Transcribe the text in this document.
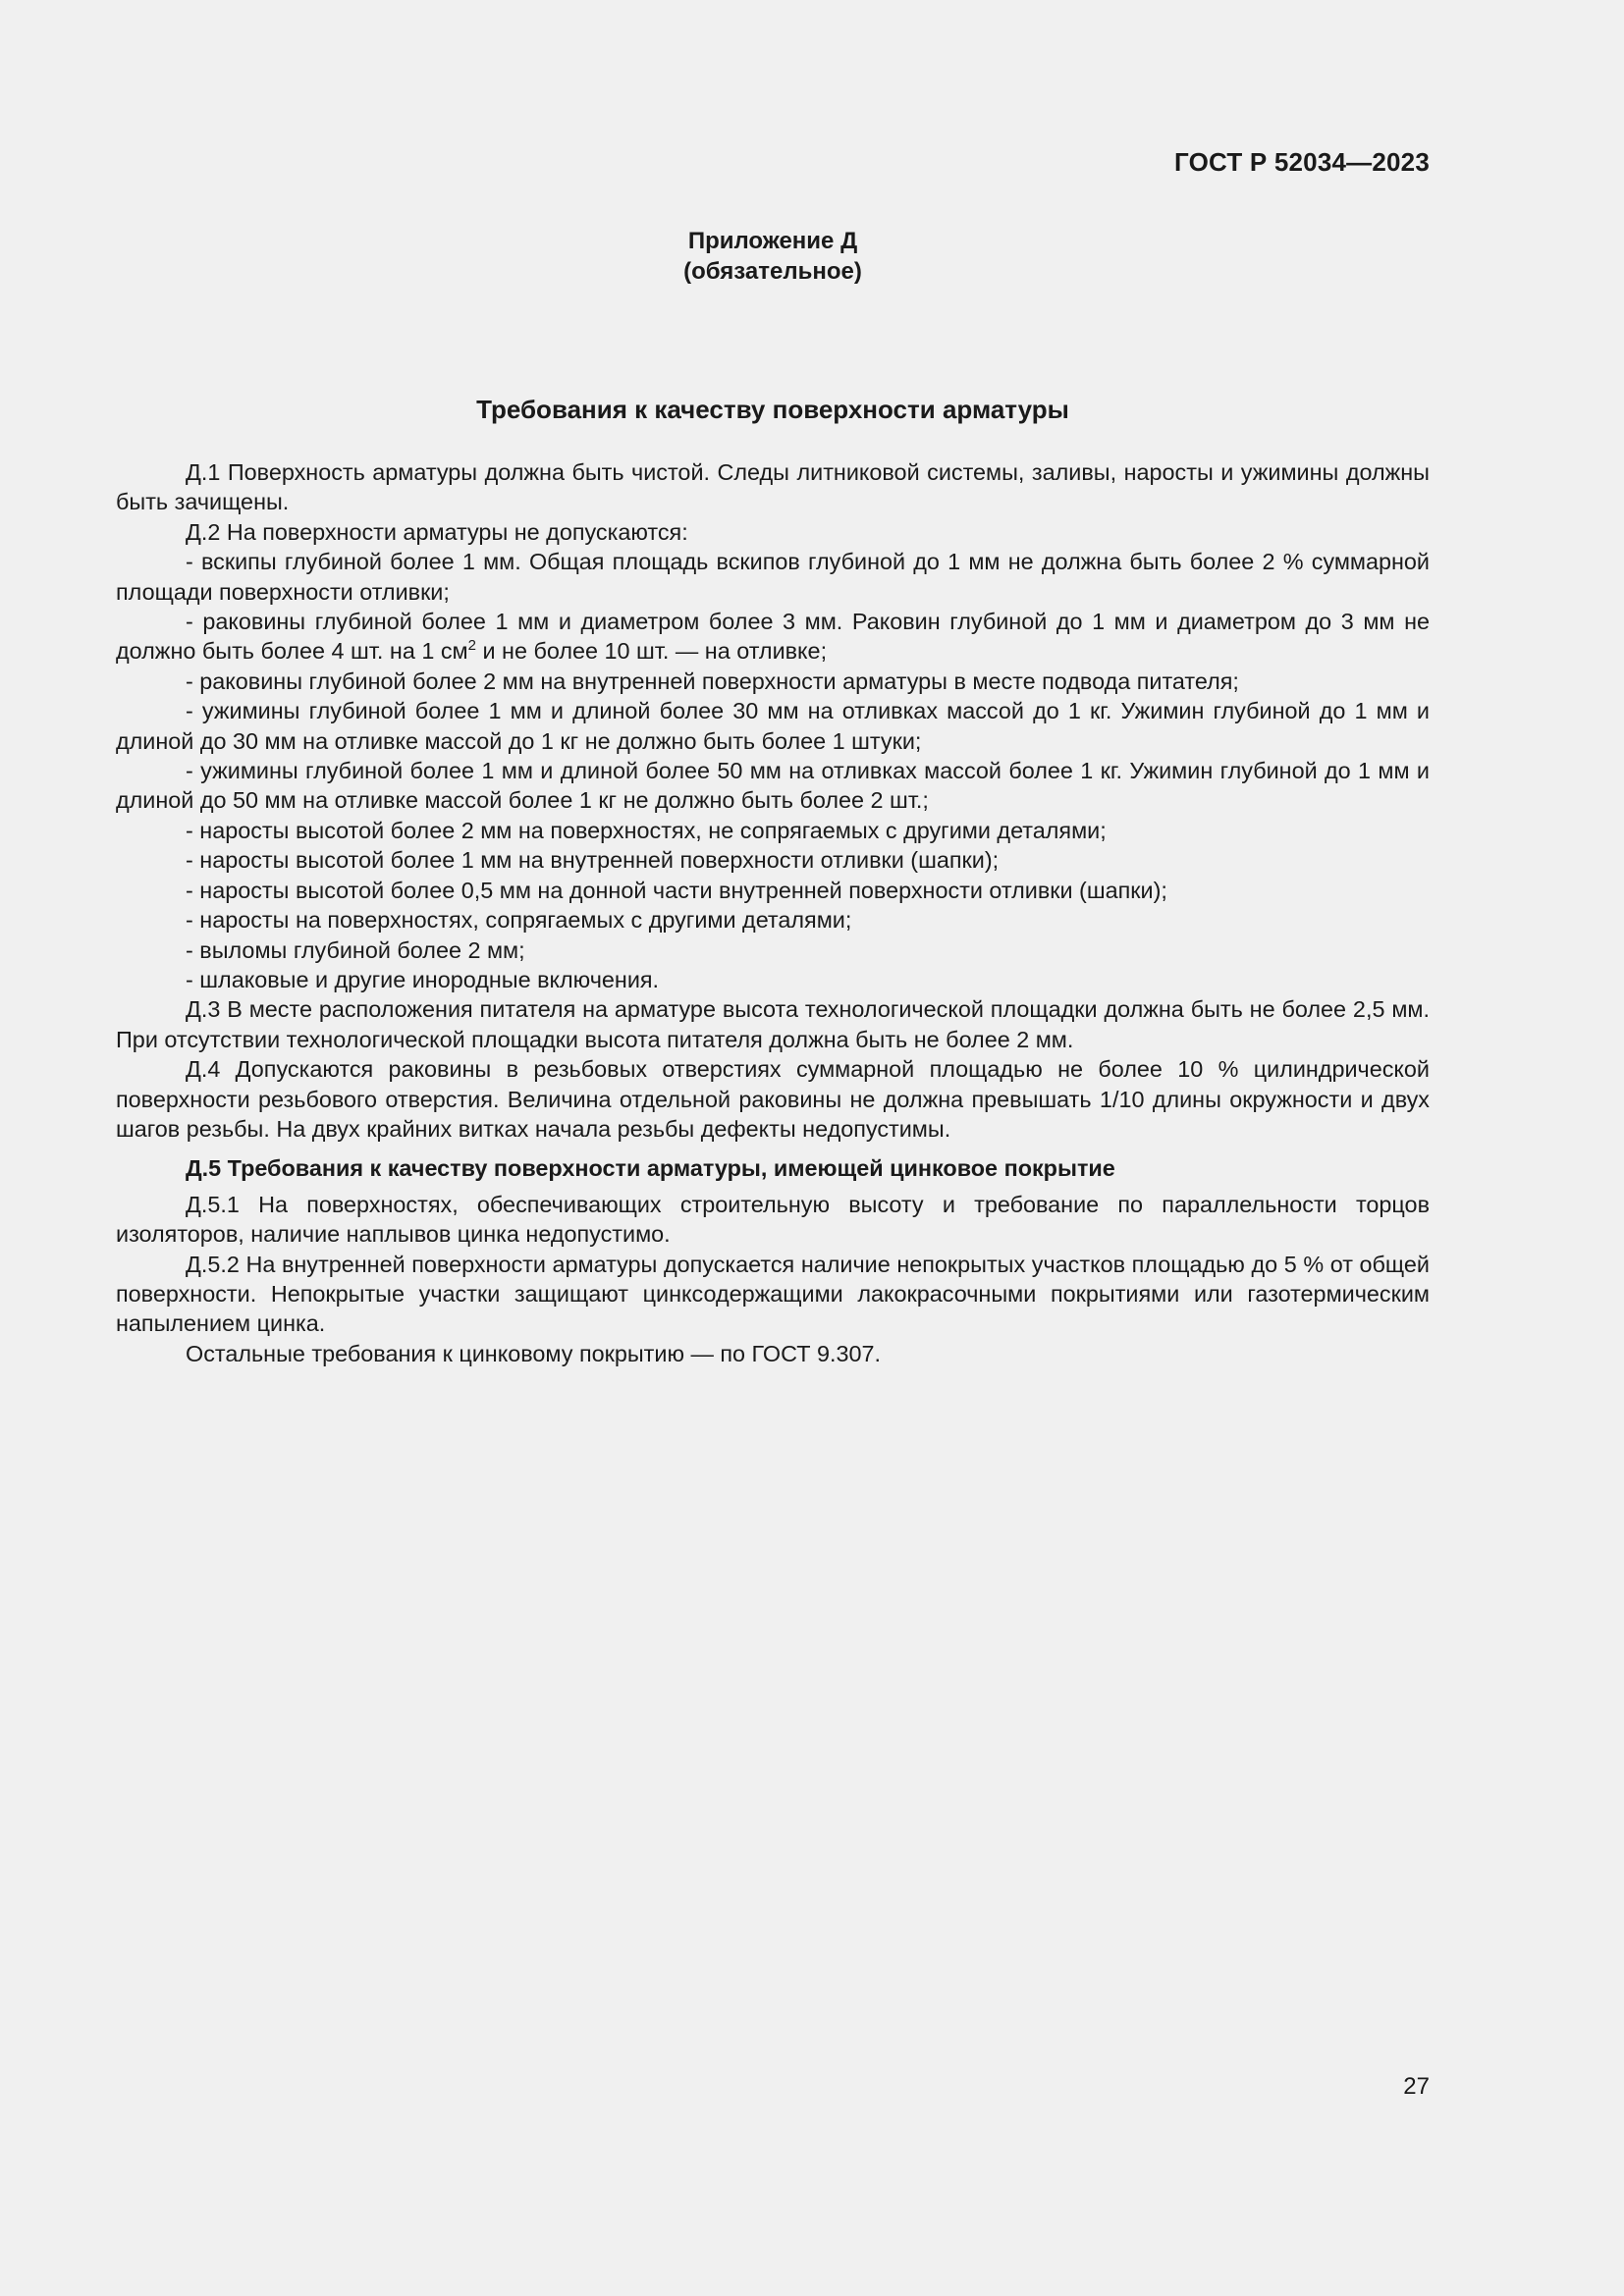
ГОСТ Р 52034—2023
Приложение Д
(обязательное)
Требования к качеству поверхности арматуры

Д.1 Поверхность арматуры должна быть чистой. Следы литниковой системы, заливы, наросты и ужимины должны быть зачищены.

Д.2 На поверхности арматуры не допускаются:

- вскипы глубиной более 1 мм. Общая площадь вскипов глубиной до 1 мм не должна быть более 2 % суммарной площади поверхности отливки;

- раковины глубиной более 1 мм и диаметром более 3 мм. Раковин глубиной до 1 мм и диаметром до 3 мм не должно быть более 4 шт. на 1 $см^2$ и не более 10 шт. — на отливке;

- раковины глубиной более 2 мм на внутренней поверхности арматуры в месте подвода питателя;

- ужимины глубиной более 1 мм и длиной более 30 мм на отливках массой до 1 кг. Ужимин глубиной до 1 мм и длиной до 30 мм на отливке массой до 1 кг не должно быть более 1 штуки;

- ужимины глубиной более 1 мм и длиной более 50 мм на отливках массой более 1 кг. Ужимин глубиной до 1 мм и длиной до 50 мм на отливке массой более 1 кг не должно быть более 2 шт.;

- наросты высотой более 2 мм на поверхностях, не сопрягаемых с другими деталями;

- наросты высотой более 1 мм на внутренней поверхности отливки (шапки);

- наросты высотой более 0,5 мм на донной части внутренней поверхности отливки (шапки);

- наросты на поверхностях, сопрягаемых с другими деталями;

- выломы глубиной более 2 мм;

- шлаковые и другие инородные включения.

Д.3 В месте расположения питателя на арматуре высота технологической площадки должна быть не более 2,5 мм. При отсутствии технологической площадки высота питателя должна быть не более 2 мм.

Д.4 Допускаются раковины в резьбовых отверстиях суммарной площадью не более 10 % цилиндрической поверхности резьбового отверстия. Величина отдельной раковины не должна превышать 1/10 длины окружности и двух шагов резьбы. На двух крайних витках начала резьбы дефекты недопустимы.

Д.5 Требования к качеству поверхности арматуры, имеющей цинковое покрытие

Д.5.1 На поверхностях, обеспечивающих строительную высоту и требование по параллельности торцов изоляторов, наличие наплывов цинка недопустимо.

Д.5.2 На внутренней поверхности арматуры допускается наличие непокрытых участков площадью до 5 % от общей поверхности. Непокрытые участки защищают цинксодержащими лакокрасочными покрытиями или газотермическим напылением цинка.

Остальные требования к цинковому покрытию — по ГОСТ 9.307.

27
